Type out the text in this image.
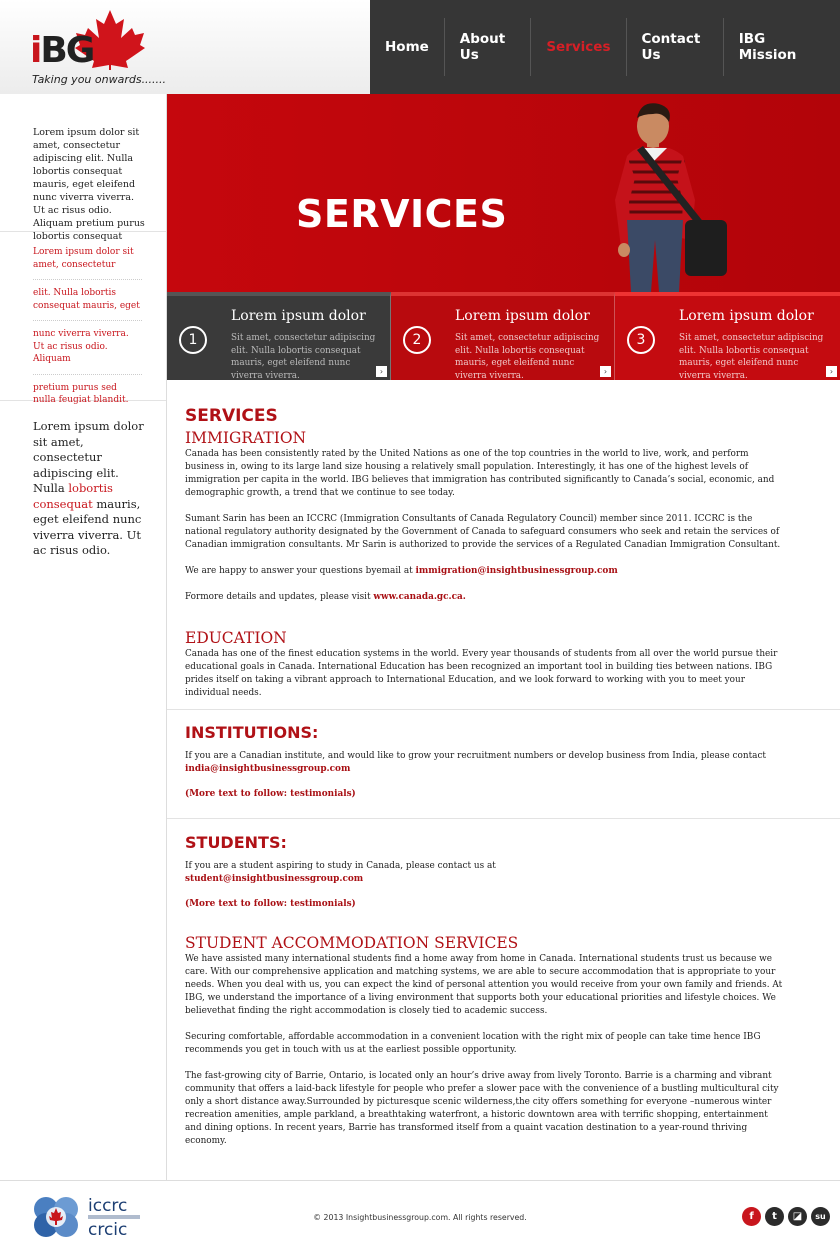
iBG
Taking you onwards.......
Home	About Us	Services	Contact Us
IBG Mission
Lorem ipsum dolor sit amet, consectetur adipiscing elit. Nulla lobortis consequat mauris, eget eleifend nunc viverra viverra. Ut ac risus odio. Aliquam pretium purus lobortis consequat
Lorem ipsum dolor sit amet, consectetur
elit. Nulla lobortis consequat mauris, eget
nunc viverra viverra. Ut ac risus odio. Aliquam
pretium purus sed nulla feugiat blandit.
Lorem ipsum dolor sit amet, consectetur adipiscing elit. Nulla lobortis consequat mauris, eget eleifend nunc viverra viverra. Ut ac risus odio.
SERVICES
1
Lorem ipsum dolor

Sit amet, consectetur adipiscing elit. Nulla lobortis consequat mauris, eget eleifend nunc viverra viverra.	›
2
Lorem ipsum dolor

Sit amet, consectetur adipiscing elit. Nulla lobortis consequat mauris, eget eleifend nunc viverra viverra.	›
3
Lorem ipsum dolor

Sit amet, consectetur adipiscing elit. Nulla lobortis consequat mauris, eget eleifend nunc viverra viverra.	›
SERVICES
IMMIGRATION

Canada has been consistently rated by the United Nations as one of the top countries in the world to live, work, and perform business in, owing to its large land size housing a relatively small population. Interestingly, it has one of the highest levels of immigration per capita in the world. IBG believes that immigration has contributed significantly to Canada’s social, economic, and demographic growth, a trend that we continue to see today.

Sumant Sarin has been an ICCRC (Immigration Consultants of Canada Regulatory Council) member since 2011. ICCRC is the national regulatory authority designated by the Government of Canada to safeguard consumers who seek and retain the services of Canadian immigration consultants. Mr Sarin is authorized to provide the services of a Regulated Canadian Immigration Consultant.

We are happy to answer your questions byemail at immigration@insightbusinessgroup.com

Formore details and updates, please visit www.canada.gc.ca.

EDUCATION

Canada has one of the finest education systems in the world. Every year thousands of students from all over the world pursue their educational goals in Canada. International Education has been recognized an important tool in building ties between nations. IBG prides itself on taking a vibrant approach to International Education, and we look forward to working with you to meet your individual needs.

INSTITUTIONS:
If you are a Canadian institute, and would like to grow your recruitment numbers or develop business from India, please contact
india@insightbusinessgroup.com
(More text to follow: testimonials)
STUDENTS:
If you are a student aspiring to study in Canada, please contact us at
student@insightbusinessgroup.com
(More text to follow: testimonials)
STUDENT ACCOMMODATION SERVICES

We have assisted many international students find a home away from home in Canada. International students trust us because we care. With our comprehensive application and matching systems, we are able to secure accommodation that is appropriate to your needs. When you deal with us, you can expect the kind of personal attention you would receive from your own family and friends. At IBG, we understand the importance of a living environment that supports both your educational priorities and lifestyle choices. We believethat finding the right accommodation is closely tied to academic success.

Securing comfortable, affordable accommodation in a convenient location with the right mix of people can take time hence IBG recommends you get in touch with us at the earliest possible opportunity.

The fast-growing city of Barrie, Ontario, is located only an hour’s drive away from lively Toronto. Barrie is a charming and vibrant community that offers a laid-back lifestyle for people who prefer a slower pace with the convenience of a bustling multicultural city only a short distance away.Surrounded by picturesque scenic wilderness,the city offers something for everyone –numerous winter recreation amenities, ample parkland, a breathtaking waterfront, a historic downtown area with terrific shopping, entertainment and dining options. In recent years, Barrie has transformed itself from a quaint vacation destination to a year-round thriving economy.

iccrc
crcic
© 2013 Insightbusinessgroup.com. All rights reserved.	f	t	◪	su
